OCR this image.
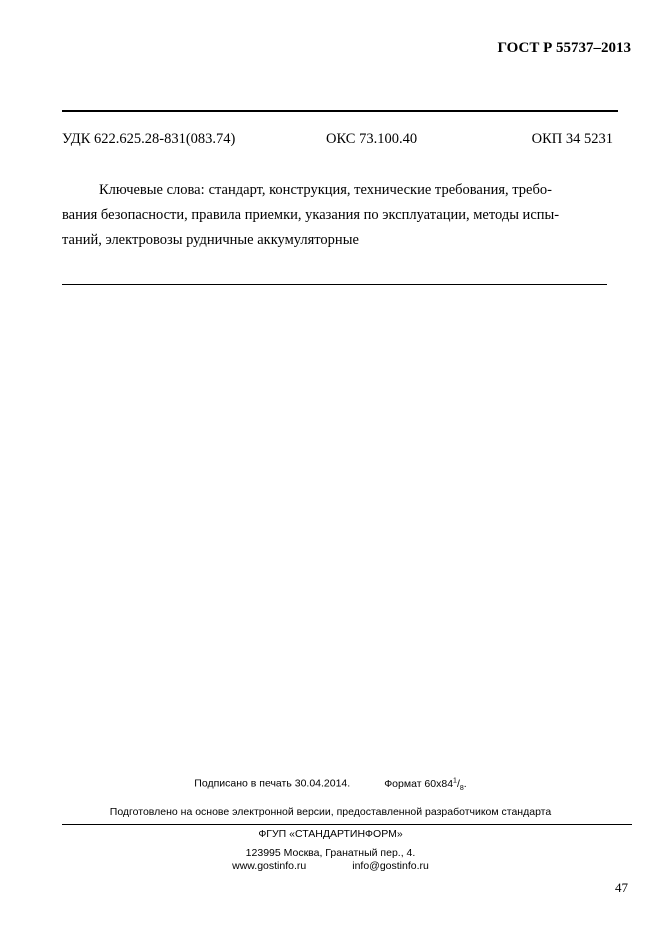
ГОСТ Р 55737–2013
УДК 622.625.28-831(083.74)	ОКС 73.100.40	ОКП 34 5231
Ключевые слова: стандарт, конструкция, технические требования, требо-
вания безопасности, правила приемки, указания по эксплуатации, методы испы-
таний, электровозы рудничные аккумуляторные
Подписано в печать 30.04.2014.	Формат $60х84^1/_8$.
Подготовлено на основе электронной версии, предоставленной разработчиком стандарта
ФГУП «СТАНДАРТИНФОРМ»
123995 Москва, Гранатный пер., 4.
www.gostinfo.ru	info@gostinfo.ru
47
